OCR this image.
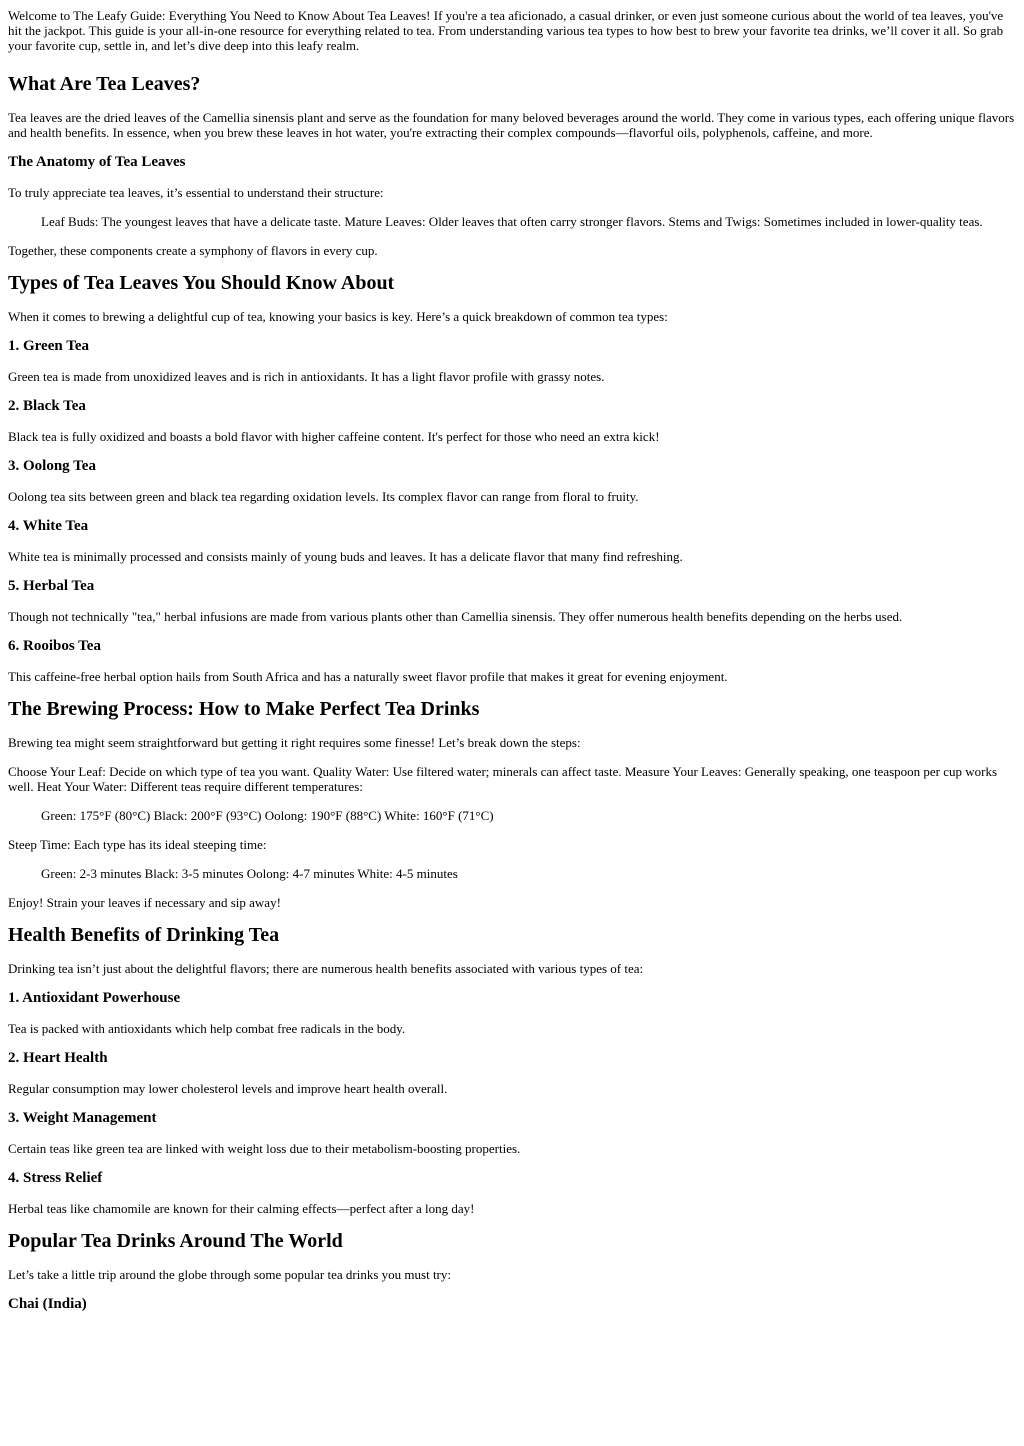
Welcome to The Leafy Guide: Everything You Need to Know About Tea Leaves! If you're a tea aficionado, a casual drinker, or even just someone curious about the world of tea leaves, you've hit the jackpot. This guide is your all-in-one resource for everything related to tea. From understanding various tea types to how best to brew your favorite tea drinks, we’ll cover it all. So grab your favorite cup, settle in, and let’s dive deep into this leafy realm.

What Are Tea Leaves?

Tea leaves are the dried leaves of the Camellia sinensis plant and serve as the foundation for many beloved beverages around the world. They come in various types, each offering unique flavors and health benefits. In essence, when you brew these leaves in hot water, you're extracting their complex compounds—flavorful oils, polyphenols, caffeine, and more.

The Anatomy of Tea Leaves

To truly appreciate tea leaves, it’s essential to understand their structure:

Leaf Buds: The youngest leaves that have a delicate taste. Mature Leaves: Older leaves that often carry stronger flavors. Stems and Twigs: Sometimes included in lower-quality teas.

Together, these components create a symphony of flavors in every cup.

Types of Tea Leaves You Should Know About

When it comes to brewing a delightful cup of tea, knowing your basics is key. Here’s a quick breakdown of common tea types:

1. Green Tea

Green tea is made from unoxidized leaves and is rich in antioxidants. It has a light flavor profile with grassy notes.

2. Black Tea

Black tea is fully oxidized and boasts a bold flavor with higher caffeine content. It's perfect for those who need an extra kick!

3. Oolong Tea

Oolong tea sits between green and black tea regarding oxidation levels. Its complex flavor can range from floral to fruity.

4. White Tea

White tea is minimally processed and consists mainly of young buds and leaves. It has a delicate flavor that many find refreshing.

5. Herbal Tea

Though not technically "tea," herbal infusions are made from various plants other than Camellia sinensis. They offer numerous health benefits depending on the herbs used.

6. Rooibos Tea

This caffeine-free herbal option hails from South Africa and has a naturally sweet flavor profile that makes it great for evening enjoyment.

The Brewing Process: How to Make Perfect Tea Drinks

Brewing tea might seem straightforward but getting it right requires some finesse! Let’s break down the steps:

Choose Your Leaf: Decide on which type of tea you want. Quality Water: Use filtered water; minerals can affect taste. Measure Your Leaves: Generally speaking, one teaspoon per cup works well. Heat Your Water: Different teas require different temperatures:

Green: 175°F (80°C) Black: 200°F (93°C) Oolong: 190°F (88°C) White: 160°F (71°C)

Steep Time: Each type has its ideal steeping time:

Green: 2-3 minutes Black: 3-5 minutes Oolong: 4-7 minutes White: 4-5 minutes

Enjoy! Strain your leaves if necessary and sip away!

Health Benefits of Drinking Tea

Drinking tea isn’t just about the delightful flavors; there are numerous health benefits associated with various types of tea:

1. Antioxidant Powerhouse

Tea is packed with antioxidants which help combat free radicals in the body.

2. Heart Health

Regular consumption may lower cholesterol levels and improve heart health overall.

3. Weight Management

Certain teas like green tea are linked with weight loss due to their metabolism-boosting properties.

4. Stress Relief

Herbal teas like chamomile are known for their calming effects—perfect after a long day!

Popular Tea Drinks Around The World

Let’s take a little trip around the globe through some popular tea drinks you must try:

Chai (India)
